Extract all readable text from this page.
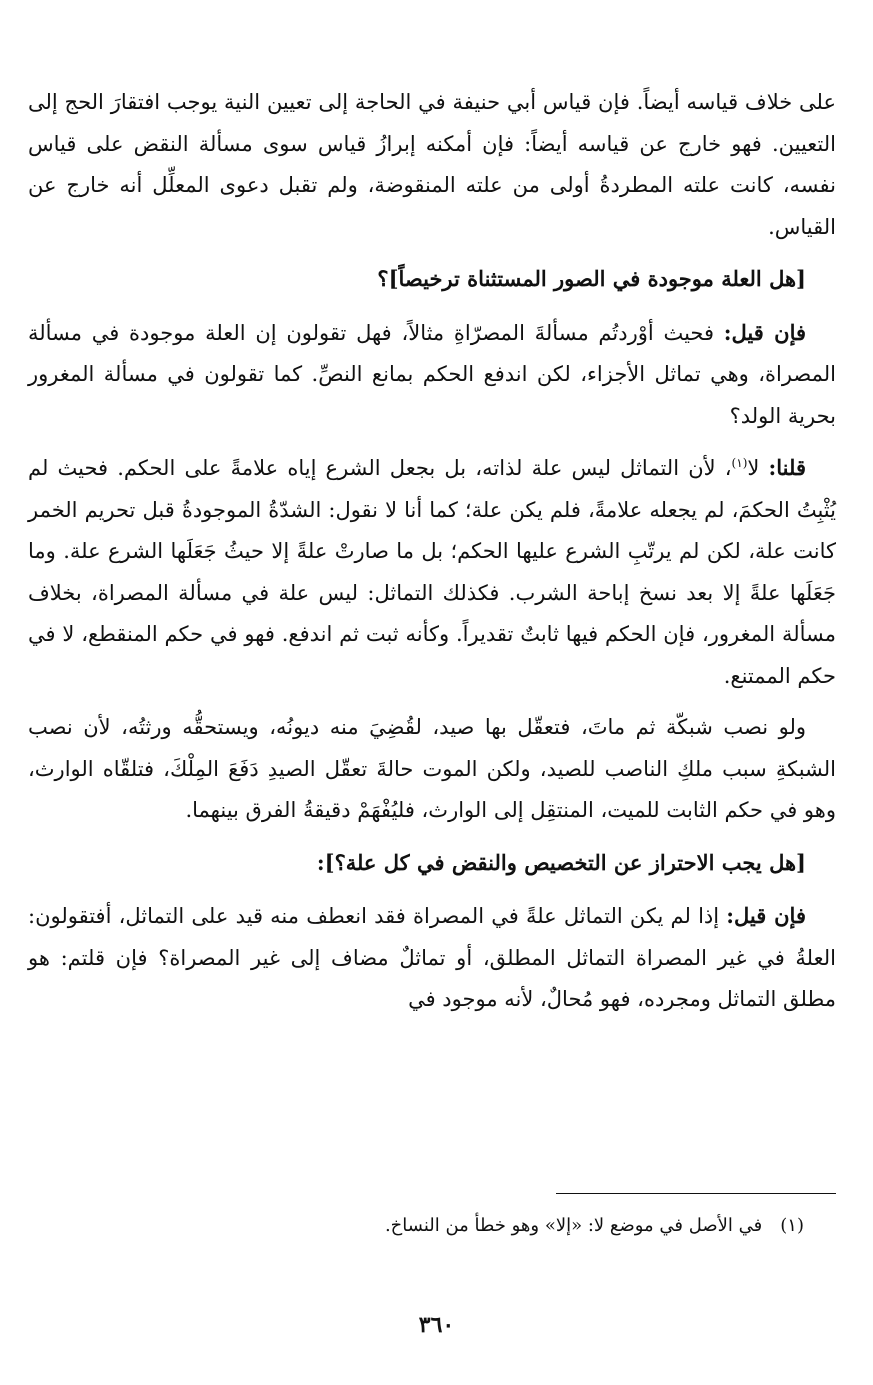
على خلاف قياسه أيضاً. فإن قياس أبي حنيفة في الحاجة إلى تعيين النية يوجب افتقارَ الحج إلى التعيين. فهو خارج عن قياسه أيضاً: فإن أمكنه إبرازُ قياس سوى مسألة النقض على قياس نفسه، كانت علته المطردةُ أولى من علته المنقوضة، ولم تقبل دعوى المعلِّل أنه خارج عن القياس.

[هل العلة موجودة في الصور المستثناة ترخيصاً]؟

فإن قيل: فحيث أوْردتُم مسألةَ المصرّاةِ مثالاً، فهل تقولون إن العلة موجودة في مسألة المصراة، وهي تماثل الأجزاء، لكن اندفع الحكم بمانع النصِّ. كما تقولون في مسألة المغرور بحرية الولد؟

قلنا: لا$^{(١)}$، لأن التماثل ليس علة لذاته، بل بجعل الشرع إياه علامةً على الحكم. فحيث لم يُثْبِتُ الحكمَ، لم يجعله علامةً، فلم يكن علة؛ كما أنا لا نقول: الشدّةُ الموجودةُ قبل تحريم الخمر كانت علة، لكن لم يرتّبِ الشرع عليها الحكم؛ بل ما صارتْ علةً إلا حيثُ جَعَلَها الشرع علة. وما جَعَلَها علةً إلا بعد نسخ إباحة الشرب. فكذلك التماثل: ليس علة في مسألة المصراة، بخلاف مسألة المغرور، فإن الحكم فيها ثابتٌ تقديراً. وكأنه ثبت ثم اندفع. فهو في حكم المنقطع، لا في حكم الممتنع.

ولو نصب شبكّة ثم ماتَ، فتعقّل بها صيد، لقُضِيَ منه ديونُه، ويستحقُّه ورثتُه، لأن نصب الشبكةِ سبب ملكِ الناصب للصيد، ولكن الموت حالةَ تعقّل الصيدِ دَفَعَ المِلْكَ، فتلقّاه الوارث، وهو في حكم الثابت للميت، المنتقِل إلى الوارث، فليُفْهَمْ دقيقةُ الفرق بينهما.

[هل يجب الاحتراز عن التخصيص والنقض في كل علة؟]:

فإن قيل: إذا لم يكن التماثل علةً في المصراة فقد انعطف منه قيد على التماثل، أفتقولون: العلةُ في غير المصراة التماثل المطلق، أو تماثلٌ مضاف إلى غير المصراة؟ فإن قلتم: هو مطلق التماثل ومجرده، فهو مُحالٌ، لأنه موجود في

(١)في الأصل في موضع لا: «إلا» وهو خطأ من النساخ.
٣٦٠
